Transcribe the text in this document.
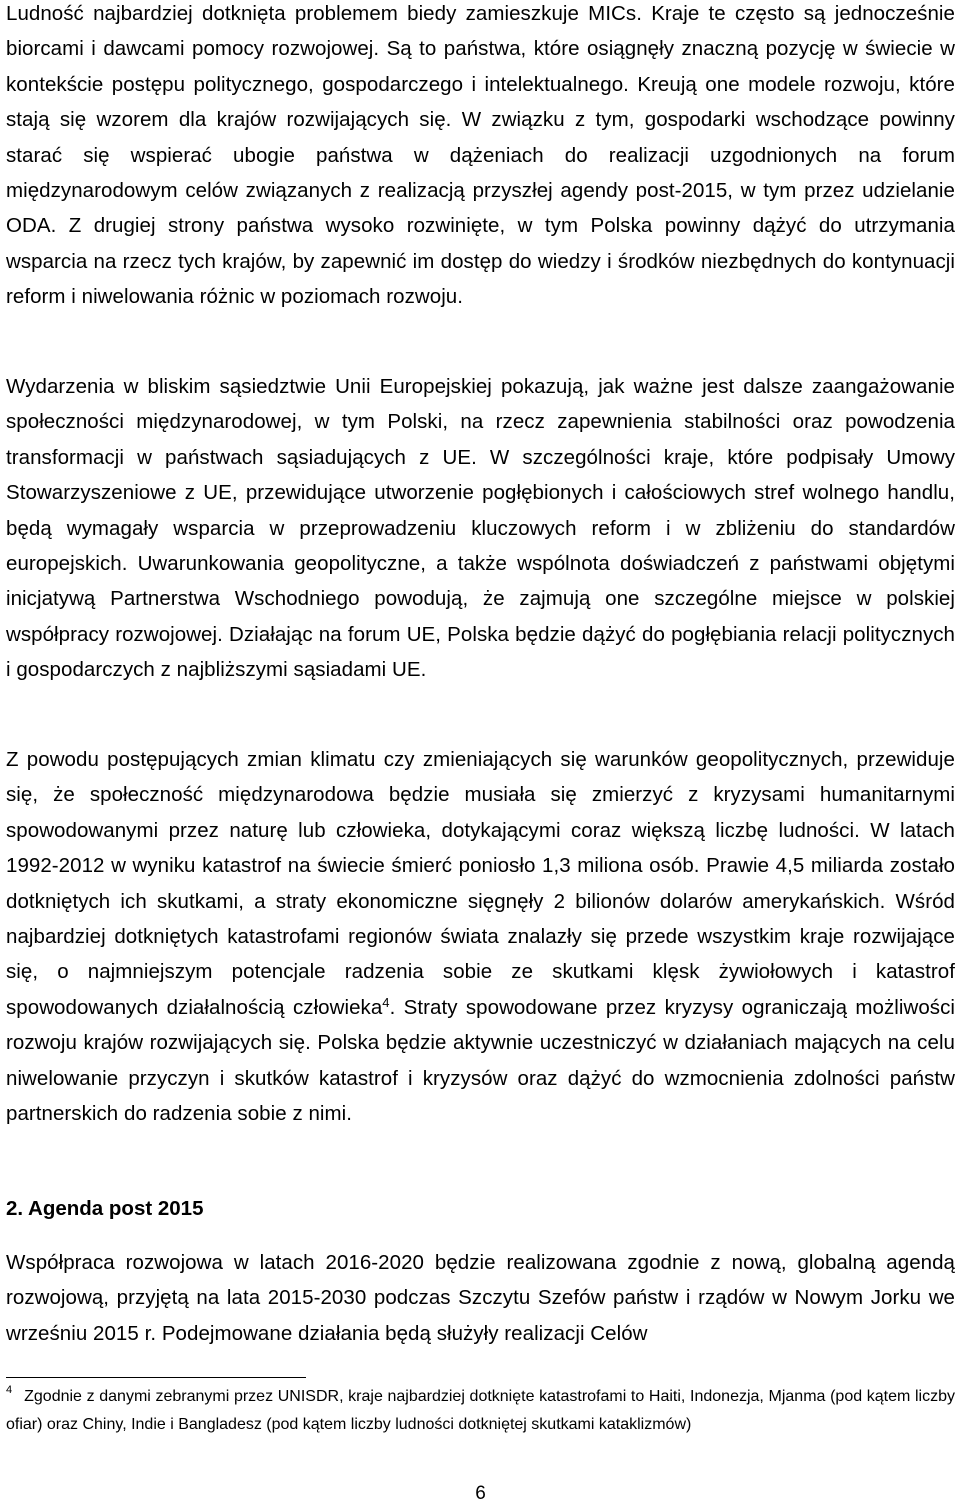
Ludność najbardziej dotknięta problemem biedy zamieszkuje MICs. Kraje te często są jednocześnie biorcami i dawcami pomocy rozwojowej. Są to państwa, które osiągnęły znaczną pozycję w świecie w kontekście postępu politycznego, gospodarczego i intelektualnego. Kreują one modele rozwoju, które stają się wzorem dla krajów rozwijających się. W związku z tym, gospodarki wschodzące powinny starać się wspierać ubogie państwa w dążeniach do realizacji uzgodnionych na forum międzynarodowym celów związanych z realizacją przyszłej agendy post-2015, w tym przez udzielanie ODA. Z drugiej strony państwa wysoko rozwinięte, w tym Polska powinny dążyć do utrzymania wsparcia na rzecz tych krajów, by zapewnić im dostęp do wiedzy i środków niezbędnych do kontynuacji reform i niwelowania różnic w poziomach rozwoju.

Wydarzenia w bliskim sąsiedztwie Unii Europejskiej pokazują, jak ważne jest dalsze zaangażowanie społeczności międzynarodowej, w tym Polski, na rzecz zapewnienia stabilności oraz powodzenia transformacji w państwach sąsiadujących z UE. W szczególności kraje, które podpisały Umowy Stowarzyszeniowe z UE, przewidujące utworzenie pogłębionych i całościowych stref wolnego handlu, będą wymagały wsparcia w przeprowadzeniu kluczowych reform i w zbliżeniu do standardów europejskich. Uwarunkowania geopolityczne, a także wspólnota doświadczeń z państwami objętymi inicjatywą Partnerstwa Wschodniego powodują, że zajmują one szczególne miejsce w polskiej współpracy rozwojowej. Działając na forum UE, Polska będzie dążyć do pogłębiania relacji politycznych i gospodarczych z najbliższymi sąsiadami UE.

Z powodu postępujących zmian klimatu czy zmieniających się warunków geopolitycznych, przewiduje się, że społeczność międzynarodowa będzie musiała się zmierzyć z kryzysami humanitarnymi spowodowanymi przez naturę lub człowieka, dotykającymi coraz większą liczbę ludności. W latach 1992-2012 w wyniku katastrof na świecie śmierć poniosło 1,3 miliona osób. Prawie 4,5 miliarda zostało dotkniętych ich skutkami, a straty ekonomiczne sięgnęły 2 bilionów dolarów amerykańskich. Wśród najbardziej dotkniętych katastrofami regionów świata znalazły się przede wszystkim kraje rozwijające się, o najmniejszym potencjale radzenia sobie ze skutkami klęsk żywiołowych i katastrof spowodowanych działalnością człowieka$^4$. Straty spowodowane przez kryzysy ograniczają możliwości rozwoju krajów rozwijających się. Polska będzie aktywnie uczestniczyć w działaniach mających na celu niwelowanie przyczyn i skutków katastrof i kryzysów oraz dążyć do wzmocnienia zdolności państw partnerskich do radzenia sobie z nimi.

2. Agenda post 2015

Współpraca rozwojowa w latach 2016-2020 będzie realizowana zgodnie z nową, globalną agendą rozwojową, przyjętą na lata 2015-2030 podczas Szczytu Szefów państw i rządów w Nowym Jorku we wrześniu 2015 r. Podejmowane działania będą służyły realizacji Celów

4 Zgodnie z danymi zebranymi przez UNISDR, kraje najbardziej dotknięte katastrofami to Haiti, Indonezja, Mjanma (pod kątem liczby ofiar) oraz Chiny, Indie i Bangladesz (pod kątem liczby ludności dotkniętej skutkami kataklizmów)

6
